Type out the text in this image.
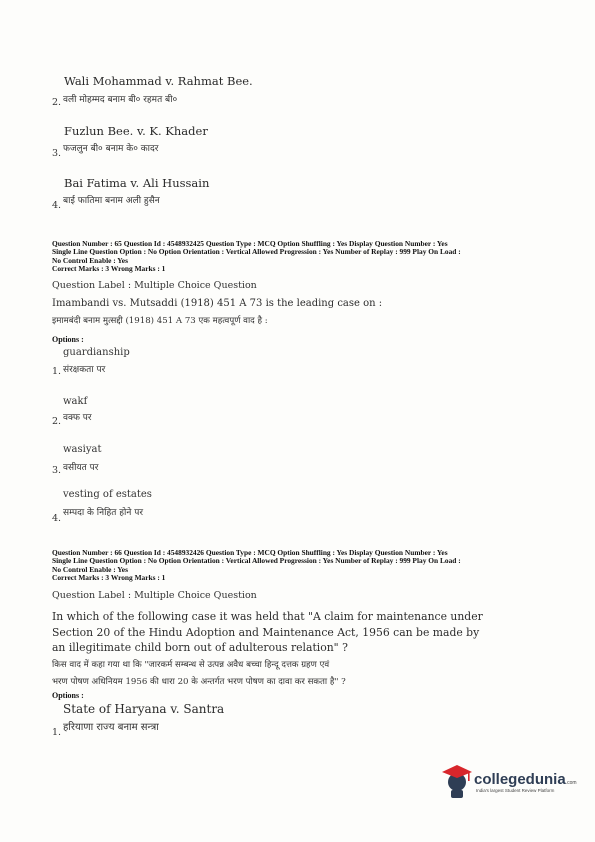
Wali Mohammad v. Rahmat Bee.
2. वली मोहम्मद बनाम बी० रहमत बी०
Fuzlun Bee. v. K. Khader
3. फजलुन बी० बनाम के० कादर
Bai Fatima v. Ali Hussain
4. बाई फातिमा बनाम अली हुसैन
Question Number : 65 Question Id : 4548932425 Question Type : MCQ Option Shuffling : Yes Display Question Number : Yes
Single Line Question Option : No Option Orientation : Vertical Allowed Progression : Yes Number of Replay : 999 Play On Load :
No Control Enable : Yes
Correct Marks : 3 Wrong Marks : 1
Question Label : Multiple Choice Question
Imambandi vs. Mutsaddi (1918) 451 A 73 is the leading case on :
इमामबंदी बनाम मुत्सद्दी (1918) 451 A 73 एक महत्वपूर्ण वाद है :
Options :
guardianship
1. संरक्षकता पर
wakf
2. वक्फ पर
wasiyat
3. वसीयत पर
vesting of estates
4. सम्पदा के निहित होने पर
Question Number : 66 Question Id : 4548932426 Question Type : MCQ Option Shuffling : Yes Display Question Number : Yes
Single Line Question Option : No Option Orientation : Vertical Allowed Progression : Yes Number of Replay : 999 Play On Load :
No Control Enable : Yes
Correct Marks : 3 Wrong Marks : 1
Question Label : Multiple Choice Question
In which of the following case it was held that "A claim for maintenance under
Section 20 of the Hindu Adoption and Maintenance Act, 1956 can be made by
an illegitimate child born out of adulterous relation" ?
किस वाद में कहा गया था कि "जारकर्म सम्बन्ध से उत्पन्न अवैध बच्चा हिन्दू दत्तक ग्रहण एवं
भरण पोषण अधिनियम 1956 की धारा 20 के अन्तर्गत भरण पोषण का दावा कर सकता है" ?
Options :
State of Haryana v. Santra
1. हरियाणा राज्य बनाम सन्त्रा
collegedunia.com
India's largest Student Review Platform
